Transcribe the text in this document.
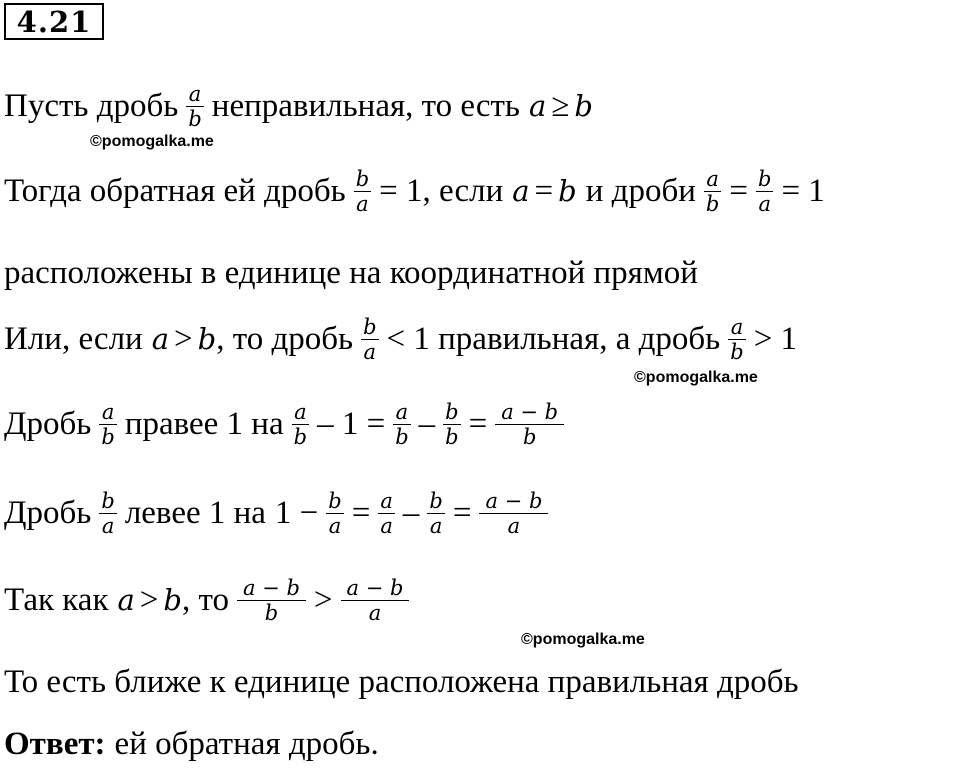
4.21
Пусть дробь $\frac{a}{b}$ неправильная, то есть a ≥ b
©pomogalka.me
Тогда обратная ей дробь $\frac{b}{a} = 1$, если a = b и дроби $\frac{a}{b} = \frac{b}{a} = 1$
расположены в единице на координатной прямой
Или, если a > b , то дробь $\frac{b}{a} < 1$ правильная, а дробь $\frac{a}{b} > 1$
©pomogalka.me
Дробь $\frac{a}{b}$ правее 1 на $\frac{a}{b} - 1 = \frac{a}{b} - \frac{b}{b} = \frac{a - b}{b}$
Дробь $\frac{b}{a}$ левее 1 на $1 - \frac{b}{a} = \frac{a}{a} - \frac{b}{a} = \frac{a - b}{a}$
Так как a > b , то $\frac{a - b}{b} > \frac{a - b}{a}$
©pomogalka.me
То есть ближе к единице расположена правильная дробь
Ответ: ей обратная дробь.
